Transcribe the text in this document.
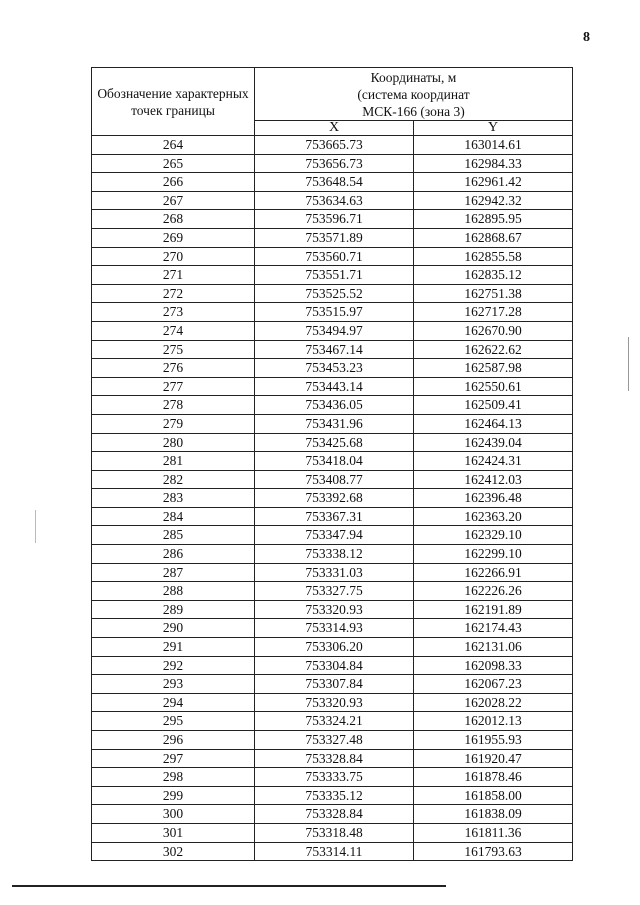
8
Обозначение характерных точек границы	Координаты, м
(система координат
МСК-166 (зона 3)	

	X	Y
264	753665.73	163014.61
265	753656.73	162984.33
266	753648.54	162961.42
267	753634.63	162942.32
268	753596.71	162895.95
269	753571.89	162868.67
270	753560.71	162855.58
271	753551.71	162835.12
272	753525.52	162751.38
273	753515.97	162717.28
274	753494.97	162670.90
275	753467.14	162622.62
276	753453.23	162587.98
277	753443.14	162550.61
278	753436.05	162509.41
279	753431.96	162464.13
280	753425.68	162439.04
281	753418.04	162424.31
282	753408.77	162412.03
283	753392.68	162396.48
284	753367.31	162363.20
285	753347.94	162329.10
286	753338.12	162299.10
287	753331.03	162266.91
288	753327.75	162226.26
289	753320.93	162191.89
290	753314.93	162174.43
291	753306.20	162131.06
292	753304.84	162098.33
293	753307.84	162067.23
294	753320.93	162028.22
295	753324.21	162012.13
296	753327.48	161955.93
297	753328.84	161920.47
298	753333.75	161878.46
299	753335.12	161858.00
300	753328.84	161838.09
301	753318.48	161811.36
302	753314.11	161793.63
